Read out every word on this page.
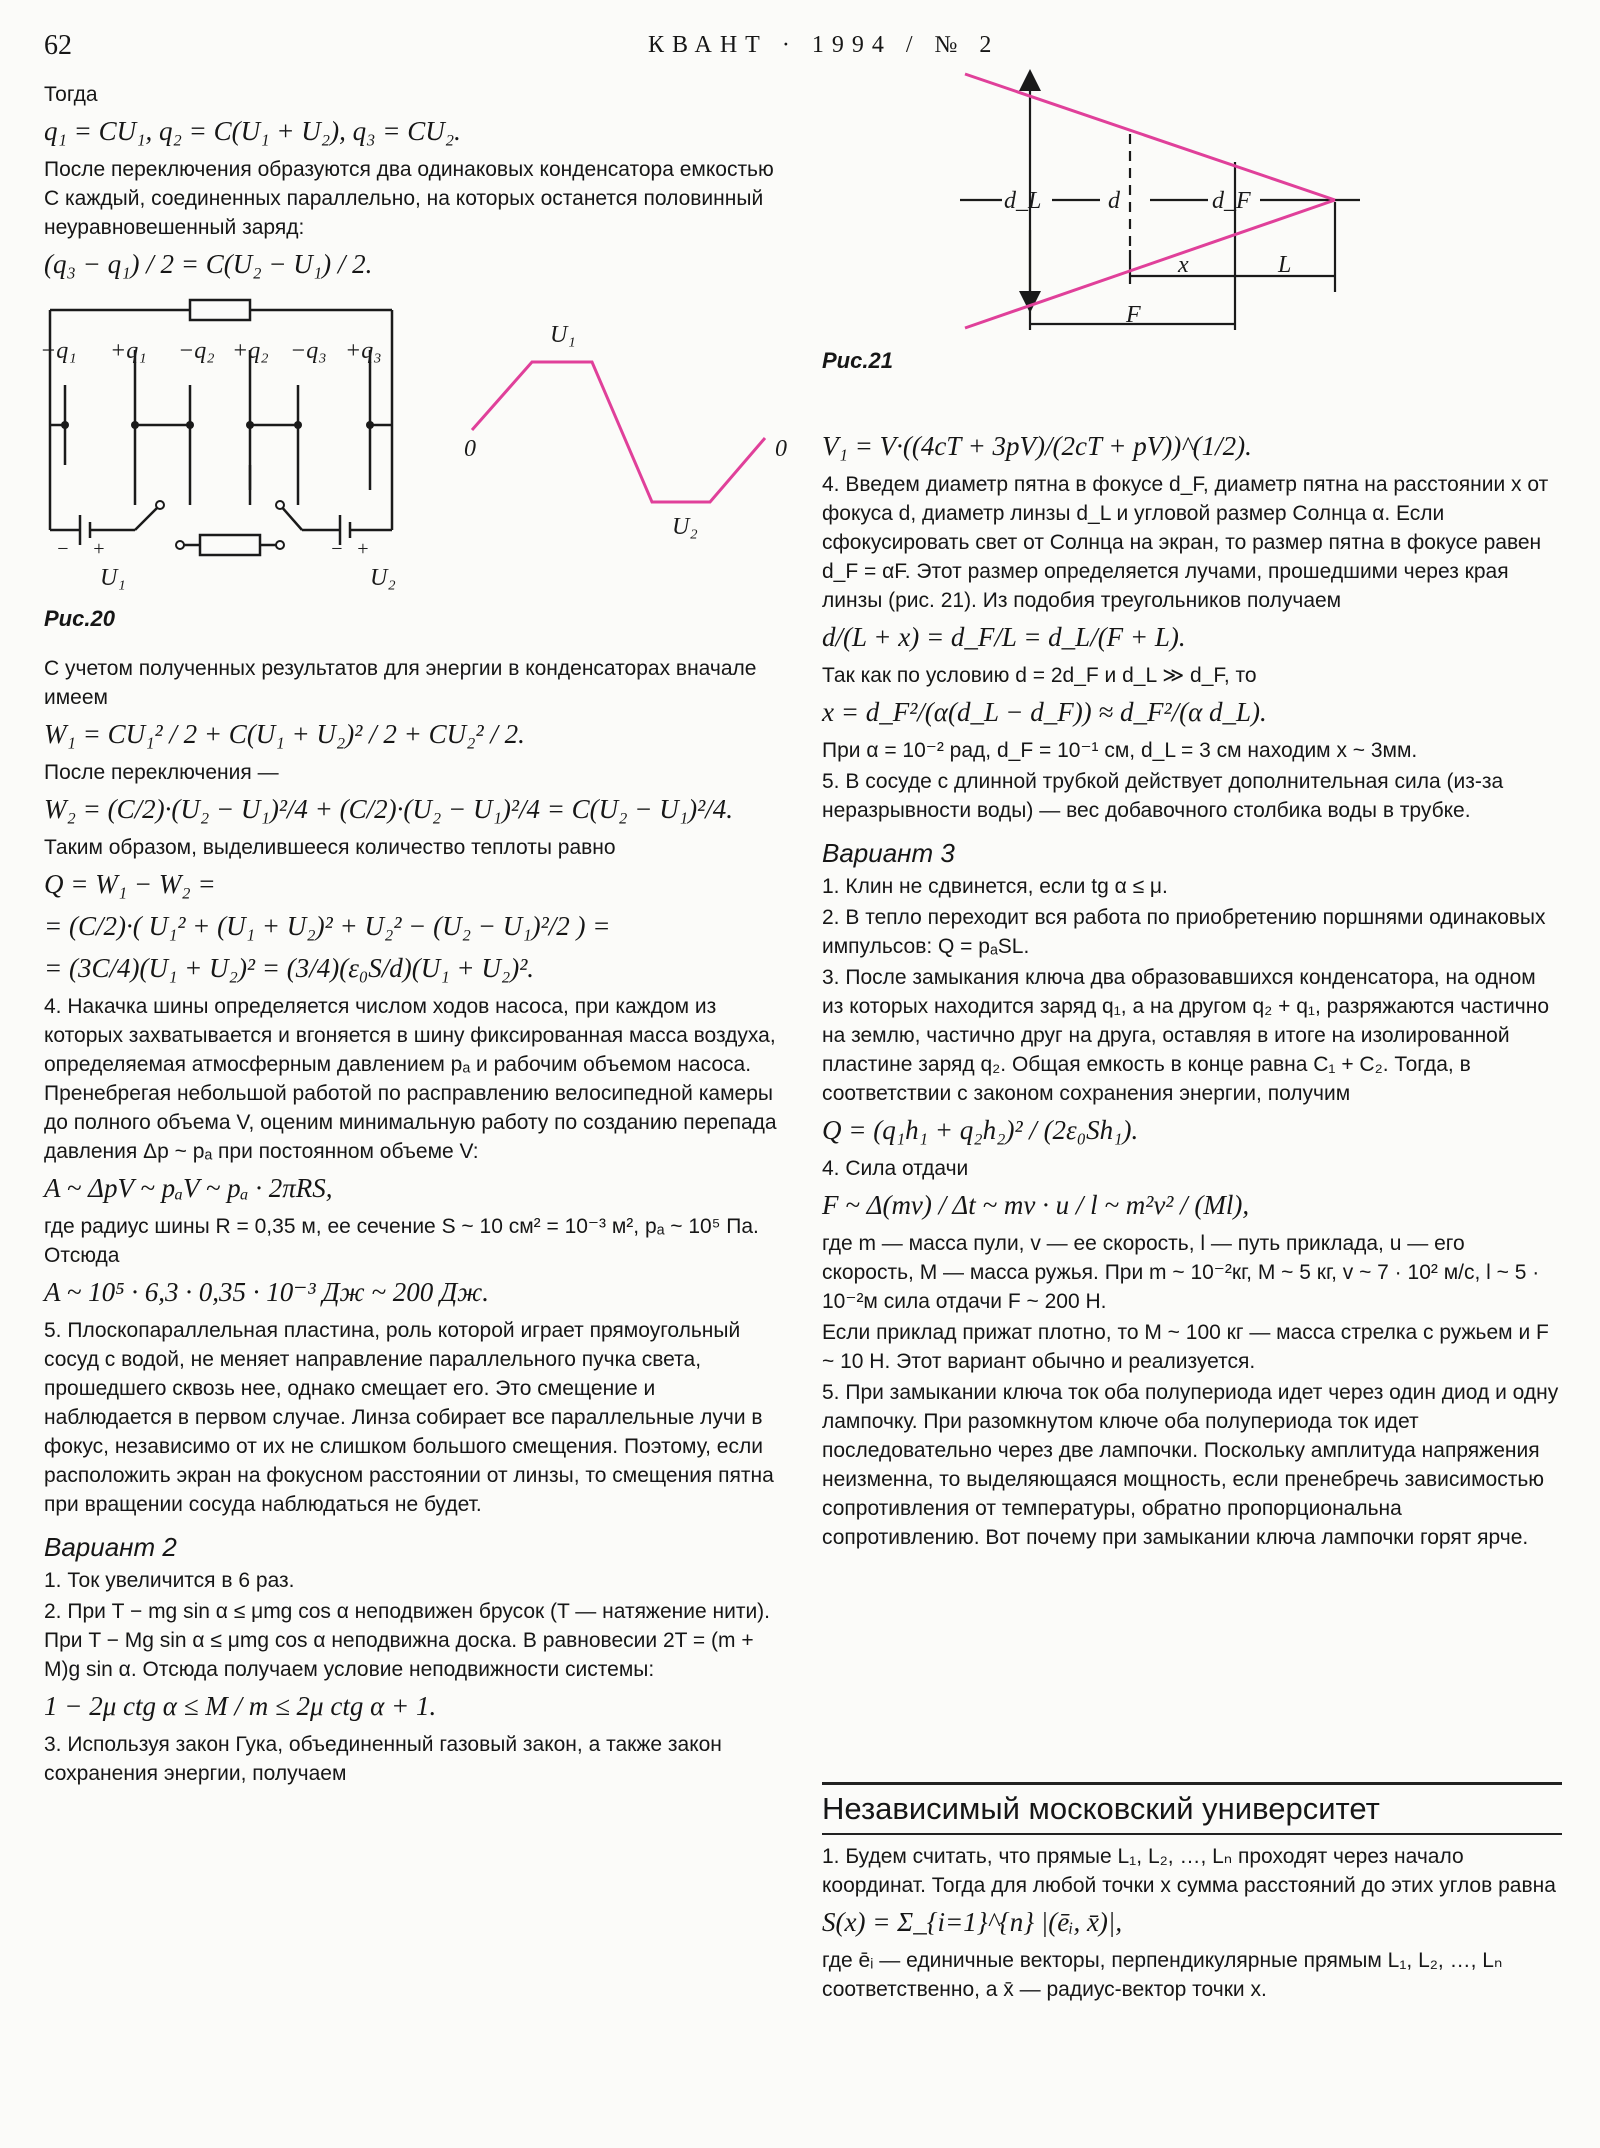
62	КВАНТ · 1994 / № 2

Тогда

q₁ = CU₁, q₂ = C(U₁ + U₂), q₃ = CU₂.

После переключения образуются два одинаковых конденсатора емкостью C каждый, соединенных параллельно, на которых останется половинный неуравновешенный заряд:

(q₃ − q₁) / 2 = C(U₂ − U₁) / 2.
−q₁ +q₁ −q₂ +q₂ −q₃ +q₃
U₁	U₂
− +	− +
0	0
U₁
U₂
Рис.20

С учетом полученных результатов для энергии в конденсаторах вначале имеем

W₁ = CU₁² / 2 + C(U₁ + U₂)² / 2 + CU₂² / 2.

После переключения —

W₂ = (C/2)·(U₂ − U₁)²/4 + (C/2)·(U₂ − U₁)²/4 = C(U₂ − U₁)²/4.

Таким образом, выделившееся количество теплоты равно

Q = W₁ − W₂ =
= (C/2)·( U₁² + (U₁ + U₂)² + U₂² − (U₂ − U₁)²/2 ) =
= (3C/4)(U₁ + U₂)² = (3/4)(ε₀S/d)(U₁ + U₂)².

4. Накачка шины определяется числом ходов насоса, при каждом из которых захватывается и вгоняется в шину фиксированная масса воздуха, определяемая атмосферным давлением pₐ и рабочим объемом насоса. Пренебрегая небольшой работой по расправлению велосипедной камеры до полного объема V, оценим минимальную работу по созданию перепада давления Δp ~ pₐ при постоянном объеме V:

A ~ ΔpV ~ pₐV ~ pₐ · 2πRS,

где радиус шины R = 0,35 м, ее сечение S ~ 10 см² = 10⁻³ м², pₐ ~ 10⁵ Па. Отсюда

A ~ 10⁵ · 6,3 · 0,35 · 10⁻³ Дж ~ 200 Дж.

5. Плоскопараллельная пластина, роль которой играет прямоугольный сосуд с водой, не меняет направление параллельного пучка света, прошедшего сквозь нее, однако смещает его. Это смещение и наблюдается в первом случае. Линза собирает все параллельные лучи в фокус, независимо от их не слишком большого смещения. Поэтому, если расположить экран на фокусном расстоянии от линзы, то смещения пятна при вращении сосуда наблюдаться не будет.

Вариант 2

1. Ток увеличится в 6 раз.

2. При T − mg sin α ≤ μmg cos α неподвижен брусок (T — натяжение нити). При T − Mg sin α ≤ μmg cos α неподвижна доска. В равновесии 2T = (m + M)g sin α. Отсюда получаем условие неподвижности системы:

1 − 2μ ctg α ≤ M / m ≤ 2μ ctg α + 1.

3. Используя закон Гука, объединенный газовый закон, а также закон сохранения энергии, получаем

d_L	d	d_F
x	L
F
Рис.21
V₁ = V·((4cT + 3pV)/(2cT + pV))^(1/2).

4. Введем диаметр пятна в фокусе d_F, диаметр пятна на расстоянии x от фокуса d, диаметр линзы d_L и угловой размер Солнца α. Если сфокусировать свет от Солнца на экран, то размер пятна в фокусе равен d_F = αF. Этот размер определяется лучами, прошедшими через края линзы (рис. 21). Из подобия треугольников получаем

d/(L + x) = d_F/L = d_L/(F + L).

Так как по условию d = 2d_F и d_L ≫ d_F, то

x = d_F²/(α(d_L − d_F)) ≈ d_F²/(α d_L).

При α = 10⁻² рад, d_F = 10⁻¹ см, d_L = 3 см находим x ~ 3мм.

5. В сосуде с длинной трубкой действует дополнительная сила (из-за неразрывности воды) — вес добавочного столбика воды в трубке.

Вариант 3

1. Клин не сдвинется, если tg α ≤ μ.

2. В тепло переходит вся работа по приобретению поршнями одинаковых импульсов: Q = pₐSL.

3. После замыкания ключа два образовавшихся конденсатора, на одном из которых находится заряд q₁, а на другом q₂ + q₁, разряжаются частично на землю, частично друг на друга, оставляя в итоге на изолированной пластине заряд q₂. Общая емкость в конце равна C₁ + C₂. Тогда, в соответствии с законом сохранения энергии, получим

Q = (q₁h₁ + q₂h₂)² / (2ε₀Sh₁).

4. Сила отдачи

F ~ Δ(mv) / Δt ~ mv · u / l ~ m²v² / (Ml),

где m — масса пули, v — ее скорость, l — путь приклада, u — его скорость, M — масса ружья. При m ~ 10⁻²кг, M ~ 5 кг, v ~ 7 · 10² м/с, l ~ 5 · 10⁻²м сила отдачи F ~ 200 Н.

Если приклад прижат плотно, то M ~ 100 кг — масса стрелка с ружьем и F ~ 10 Н. Этот вариант обычно и реализуется.

5. При замыкании ключа ток оба полупериода идет через один диод и одну лампочку. При разомкнутом ключе оба полупериода ток идет последовательно через две лампочки. Поскольку амплитуда напряжения неизменна, то выделяющаяся мощность, если пренебречь зависимостью сопротивления от температуры, обратно пропорциональна сопротивлению. Вот почему при замыкании ключа лампочки горят ярче.

Независимый московский университет

1. Будем считать, что прямые L₁, L₂, …, Lₙ проходят через начало координат. Тогда для любой точки x сумма расстояний до этих углов равна

S(x) = Σ_{i=1}^{n} |(ēᵢ, x̄)|,

где ēᵢ — единичные векторы, перпендикулярные прямым L₁, L₂, …, Lₙ соответственно, а x̄ — радиус-вектор точки x.
